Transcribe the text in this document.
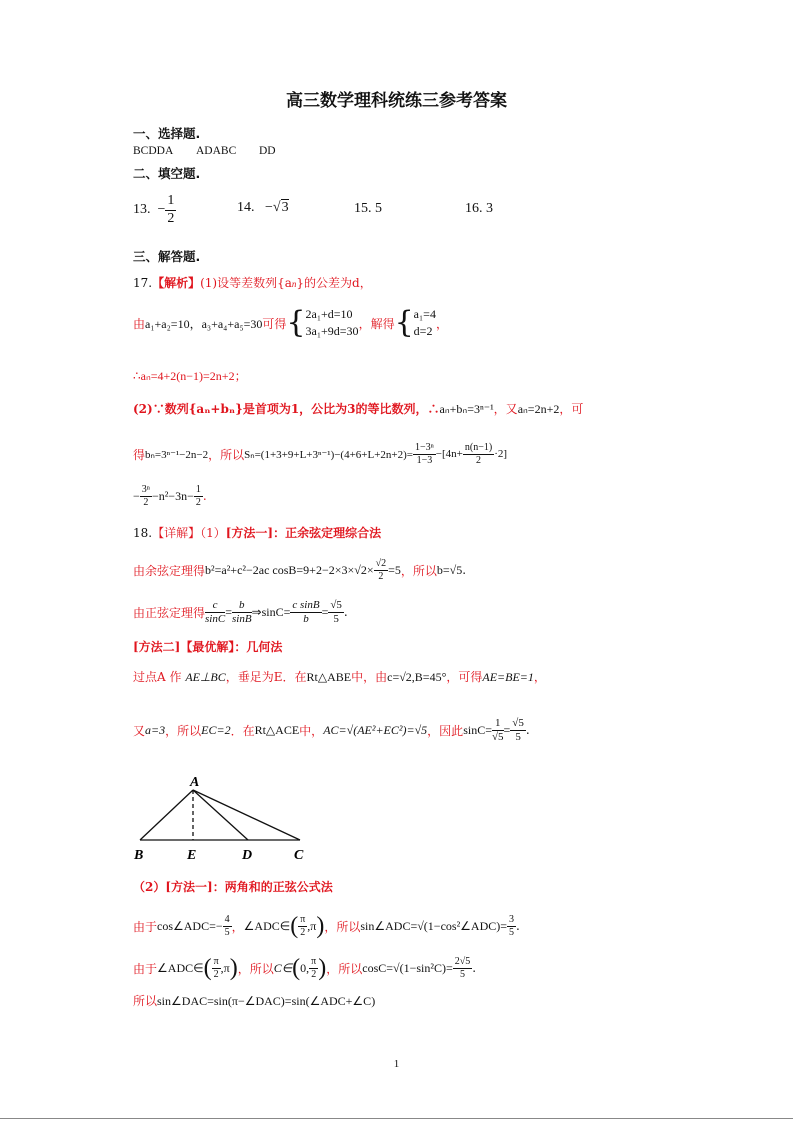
高三数学理科统练三参考答案
一、选择题.
BCDDA ADABC DD
二、填空题.
13.
− $\frac{1}{2}$	14. −√3	15. 5	16. 3
三、解答题.
17.【解析】(1)设等差数列{an}的公差为d，
由 a₁+a₂=10，a₃+a₄+a₅=30 可得 { 2a₁+d=10
3a₁+9d=30
，解得 { a₁=4
d=2
，
∴aₙ=4+2(n−1)=2n+2；
(2)∵数列{aₙ+bₙ}是首项为1，公比为3的等比数列，∴aₙ+bₙ=3ⁿ⁻¹，又aₙ=2n+2，可
得 bₙ=3ⁿ⁻¹−2n−2 ，所以 $S_n=(1+3+9+L+3^{n-1})-(4+6+L+2n+2)= \frac{\text{1−3ⁿ}}{1-3} -[4n+ \frac{n(n-1)}{2} \cdot 2]$
− $\frac{\text{3ⁿ}}{2} -n^2-3n- \frac{1}{2}$ .
18.【详解】（1）[方法一]：正余弦定理综合法
由余弦定理得 b²=a²+c²−2ac $\cos B=9+2-2\times 3\times√2\times \frac{√2}{2} =5$ ，所以 b=√5 .
由正弦定理得 $\frac{c}{\sin C} = \frac{b}{\sin B}$ ⇒sinC= $\frac{\text{c sinB}}{b} = \frac{√5}{5}$ .
[方法二]【最优解】：几何法
过点A 作 AE⊥BC，垂足为E．在Rt△ABE中，由c=√2,B=45°，可得AE=BE=1，
又 a=3 ，所以 EC=2 ．在 Rt△ACE 中， AC=√(AE²+EC²)=√5 ，因此 $\sin C= \frac{1}{√5} = \frac{√5}{5}$ .
A
B	E	D	C
（2）[方法一]：两角和的正弦公式法
由于 cos∠ADC= − $\frac{4}{5}$ ， ∠ADC∈ ( $\frac{\pi}{2} ,\pi$ ) ，所以 sin∠ADC=√(1−cos²∠ADC)= $\frac{3}{5}$ .
由于 ∠ADC∈ ( $\frac{\pi}{2} ,\pi$ ) ，所以 C∈ ( 0, $\frac{\pi}{2}$ ) ，所以 $\cos C=√(1-\sin^2C)= \frac{2√5}{5}$ .
所以sin∠DAC=sin(π−∠DAC)=sin(∠ADC+∠C)
1
